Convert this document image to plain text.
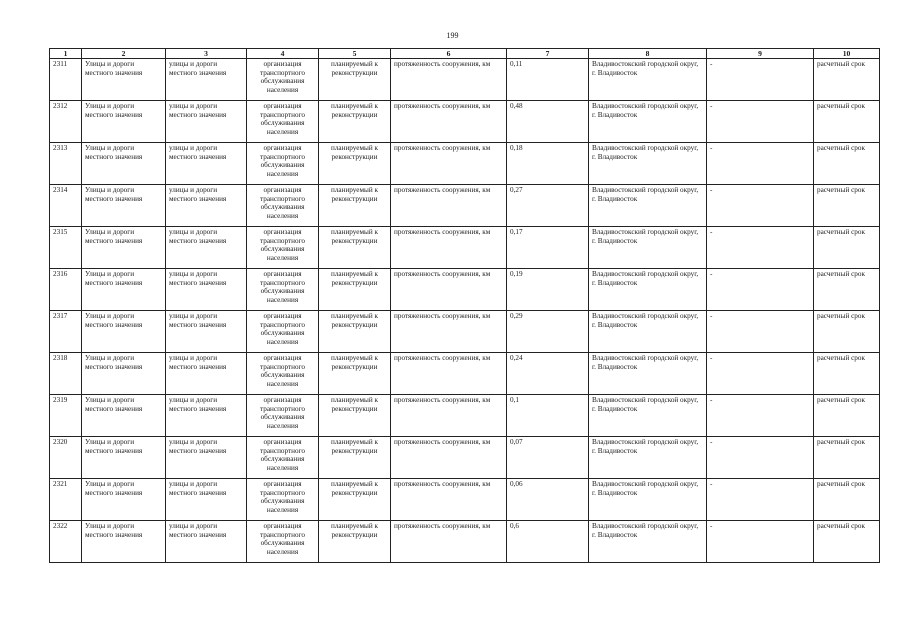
199
1	2	3	4	5	6	7	8	9	10
2311	Улицы и дороги местного значения	улицы и дороги местного значения	организация транспортного обслуживания населения	планируемый к реконструкции	протяженность сооружения, км	0,11	Владивостокский городской округ, г. Владивосток	-	расчетный срок
2312	Улицы и дороги местного значения	улицы и дороги местного значения	организация транспортного обслуживания населения	планируемый к реконструкции	протяженность сооружения, км	0,48	Владивостокский городской округ, г. Владивосток	-	расчетный срок
2313	Улицы и дороги местного значения	улицы и дороги местного значения	организация транспортного обслуживания населения	планируемый к реконструкции	протяженность сооружения, км	0,18	Владивостокский городской округ, г. Владивосток	-	расчетный срок
2314	Улицы и дороги местного значения	улицы и дороги местного значения	организация транспортного обслуживания населения	планируемый к реконструкции	протяженность сооружения, км	0,27	Владивостокский городской округ, г. Владивосток	-	расчетный срок
2315	Улицы и дороги местного значения	улицы и дороги местного значения	организация транспортного обслуживания населения	планируемый к реконструкции	протяженность сооружения, км	0,17	Владивостокский городской округ, г. Владивосток	-	расчетный срок
2316	Улицы и дороги местного значения	улицы и дороги местного значения	организация транспортного обслуживания населения	планируемый к реконструкции	протяженность сооружения, км	0,19	Владивостокский городской округ, г. Владивосток	-	расчетный срок
2317	Улицы и дороги местного значения	улицы и дороги местного значения	организация транспортного обслуживания населения	планируемый к реконструкции	протяженность сооружения, км	0,29	Владивостокский городской округ, г. Владивосток	-	расчетный срок
2318	Улицы и дороги местного значения	улицы и дороги местного значения	организация транспортного обслуживания населения	планируемый к реконструкции	протяженность сооружения, км	0,24	Владивостокский городской округ, г. Владивосток	-	расчетный срок
2319	Улицы и дороги местного значения	улицы и дороги местного значения	организация транспортного обслуживания населения	планируемый к реконструкции	протяженность сооружения, км	0,1	Владивостокский городской округ, г. Владивосток	-	расчетный срок
2320	Улицы и дороги местного значения	улицы и дороги местного значения	организация транспортного обслуживания населения	планируемый к реконструкции	протяженность сооружения, км	0,07	Владивостокский городской округ, г. Владивосток	-	расчетный срок
2321	Улицы и дороги местного значения	улицы и дороги местного значения	организация транспортного обслуживания населения	планируемый к реконструкции	протяженность сооружения, км	0,06	Владивостокский городской округ, г. Владивосток	-	расчетный срок
2322	Улицы и дороги местного значения	улицы и дороги местного значения	организация транспортного обслуживания населения	планируемый к реконструкции	протяженность сооружения, км	0,6	Владивостокский городской округ, г. Владивосток	-	расчетный срок
